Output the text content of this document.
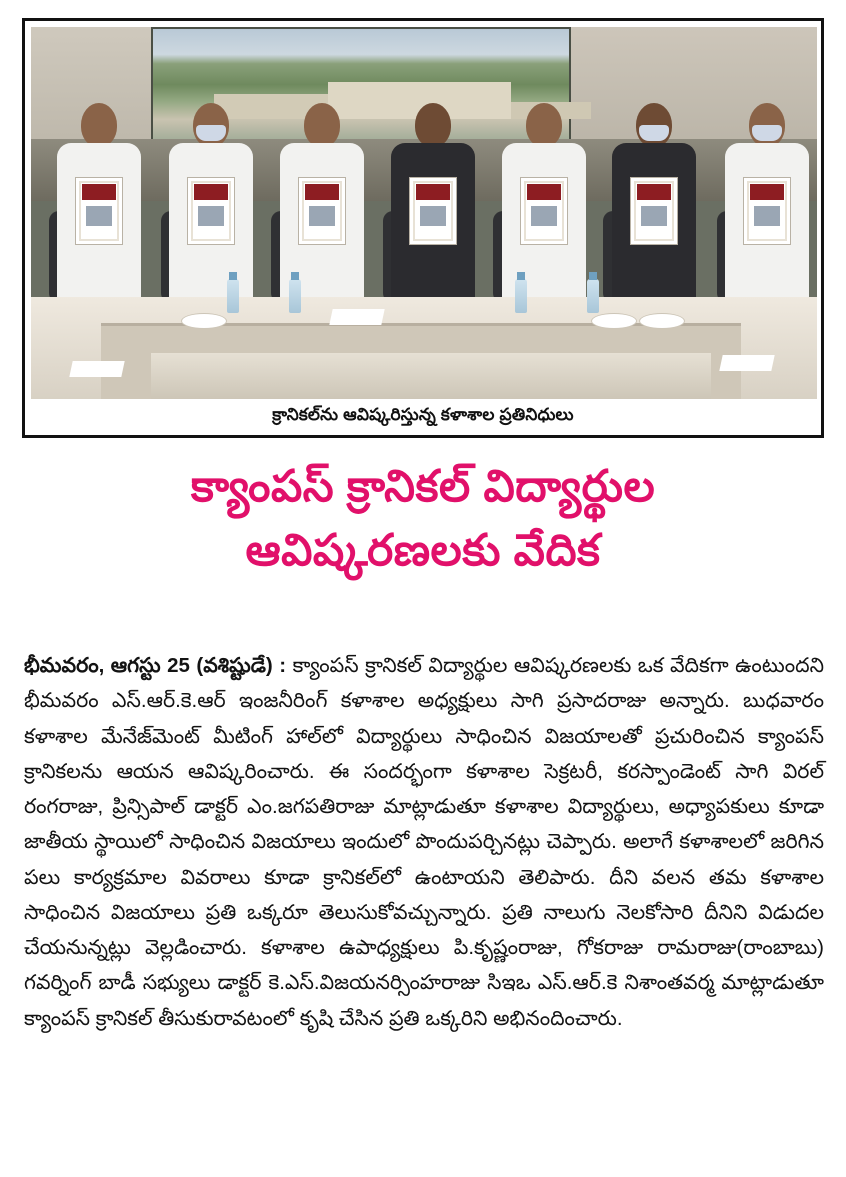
క్రానికల్‌ను ఆవిష్కరిస్తున్న కళాశాల ప్రతినిధులు
క్యాంపస్ క్రానికల్ విద్యార్థుల
ఆవిష్కరణలకు వేదిక
భీమవరం, ఆగస్టు 25 (వశిష్టుడే) : క్యాంపస్ క్రానికల్ విద్యార్థుల ఆవిష్కరణలకు ఒక వేదికగా ఉంటుందని భీమవరం ఎస్.ఆర్.కె.ఆర్ ఇంజనీరింగ్ కళాశాల అధ్యక్షులు సాగి ప్రసాదరాజు అన్నారు. బుధవారం కళాశాల మేనేజ్‌మెంట్ మీటింగ్ హాల్‌లో విద్యార్థులు సాధించిన విజయాలతో ప్రచురించిన క్యాంపస్ క్రానికలను ఆయన ఆవిష్కరించారు. ఈ సందర్భంగా కళాశాల సెక్రటరీ, కరస్పాండెంట్ సాగి విరల్ రంగరాజు, ప్రిన్సిపాల్ డాక్టర్ ఎం.జగపతిరాజు మాట్లాడుతూ కళాశాల విద్యార్థులు, అధ్యాపకులు కూడా జాతీయ స్థాయిలో సాధించిన విజయాలు ఇందులో పొందుపర్చినట్లు చెప్పారు. అలాగే కళాశాలలో జరిగిన పలు కార్యక్రమాల వివరాలు కూడా క్రానికల్‌లో ఉంటాయని తెలిపారు. దీని వలన తమ కళాశాల సాధించిన విజయాలు ప్రతి ఒక్కరూ తెలుసుకోవచ్చున్నారు. ప్రతి నాలుగు నెలకోసారి దీనిని విడుదల చేయనున్నట్లు వెల్లడించారు. కళాశాల ఉపాధ్యక్షులు పి.కృష్ణంరాజు, గోకరాజు రామరాజు(రాంబాబు) గవర్నింగ్ బాడీ సభ్యులు డాక్టర్ కె.ఎస్.విజయనర్సింహరాజు సిఇఒ ఎస్.ఆర్.కె నిశాంతవర్మ మాట్లాడుతూ క్యాంపస్ క్రానికల్ తీసుకురావటంలో కృషి చేసిన ప్రతి ఒక్కరిని అభినందించారు.
